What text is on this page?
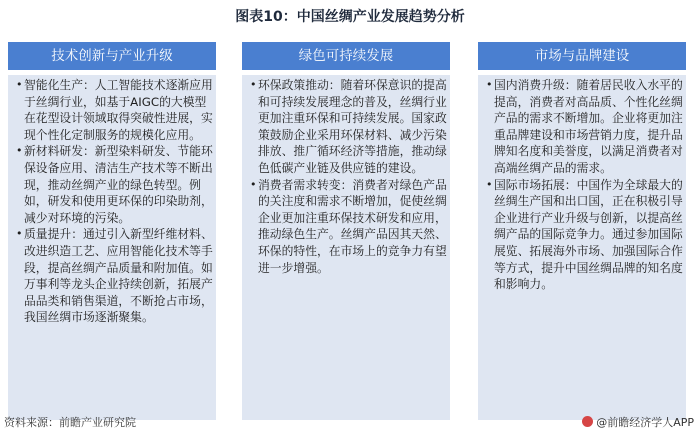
图表10：中国丝绸产业发展趋势分析
技术创新与产业升级

• 智能化生产：人工智能技术逐渐应用于丝绸行业，如基于AIGC的大模型在花型设计领域取得突破性进展，实现个性化定制服务的规模化应用。

• 新材料研发：新型染料研发、节能环保设备应用、清洁生产技术等不断出现，推动丝绸产业的绿色转型。例如，研发和使用更环保的印染助剂，减少对环境的污染。

• 质量提升：通过引入新型纤维材料、改进织造工艺、应用智能化技术等手段，提高丝绸产品质量和附加值。如万事利等龙头企业持续创新，拓展产品品类和销售渠道，不断抢占市场，我国丝绸市场逐渐聚集。

绿色可持续发展

• 环保政策推动：随着环保意识的提高和可持续发展理念的普及，丝绸行业更加注重环保和可持续发展。国家政策鼓励企业采用环保材料、减少污染排放、推广循环经济等措施，推动绿色低碳产业链及供应链的建设。

• 消费者需求转变：消费者对绿色产品的关注度和需求不断增加，促使丝绸企业更加注重环保技术研发和应用，推动绿色生产。丝绸产品因其天然、环保的特性，在市场上的竞争力有望进一步增强。

市场与品牌建设

• 国内消费升级：随着居民收入水平的提高，消费者对高品质、个性化丝绸产品的需求不断增加。企业将更加注重品牌建设和市场营销力度，提升品牌知名度和美誉度，以满足消费者对高端丝绸产品的需求。

• 国际市场拓展：中国作为全球最大的丝绸生产国和出口国，正在积极引导企业进行产业升级与创新，以提高丝绸产品的国际竞争力。通过参加国际展览、拓展海外市场、加强国际合作等方式，提升中国丝绸品牌的知名度和影响力。

资料来源：前瞻产业研究院	@前瞻经济学人APP
